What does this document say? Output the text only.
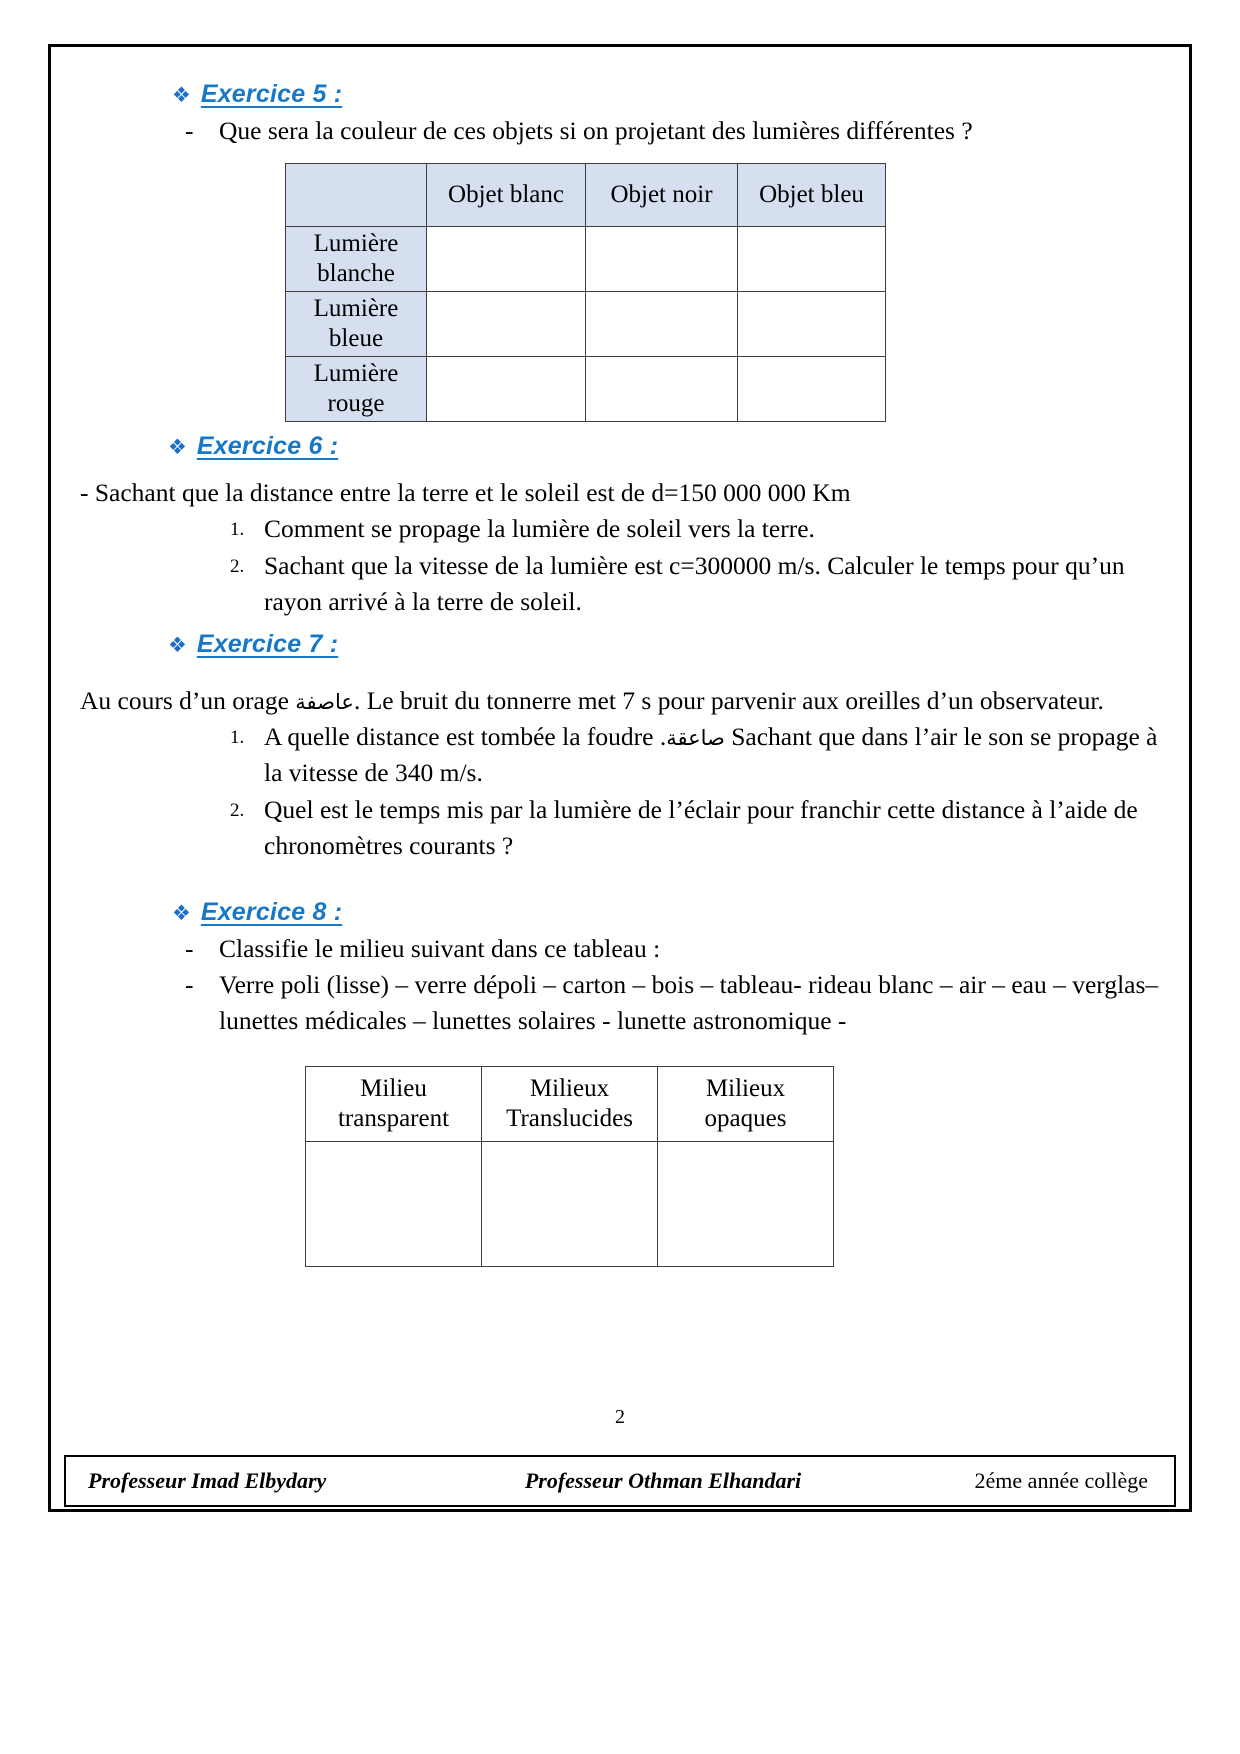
❖ Exercice 5 :
-	Que sera la couleur de ces objets si on projetant des lumières différentes ?
	Objet blanc	Objet noir	Objet bleu
Lumière blanche			
Lumière bleue			
Lumière rouge			
❖ Exercice 6 :

- Sachant que la distance entre la terre et le soleil est de d=150 000 000 Km

1. Comment se propage la lumière de soleil vers la terre.
2. Sachant que la vitesse de la lumière est c=300000 m/s. Calculer le temps pour qu’un rayon arrivé à la terre de soleil.
❖ Exercice 7 :

Au cours d’un orage عاصفة. Le bruit du tonnerre met 7 s pour parvenir aux oreilles d’un observateur.

1. A quelle distance est tombée la foudre .صاعقة Sachant que dans l’air le son se propage à la vitesse de 340 m/s.
2. Quel est le temps mis par la lumière de l’éclair pour franchir cette distance à l’aide de chronomètres courants ?
❖ Exercice 8 :
-	Classifie le milieu suivant dans ce tableau :
-	Verre poli (lisse) – verre dépoli – carton – bois – tableau- rideau blanc – air – eau – verglas– lunettes médicales – lunettes solaires - lunette astronomique -
Milieu transparent	Milieux Translucides	Milieux opaques

2
Professeur Imad Elbydary	Professeur Othman Elhandari	2éme année collège
